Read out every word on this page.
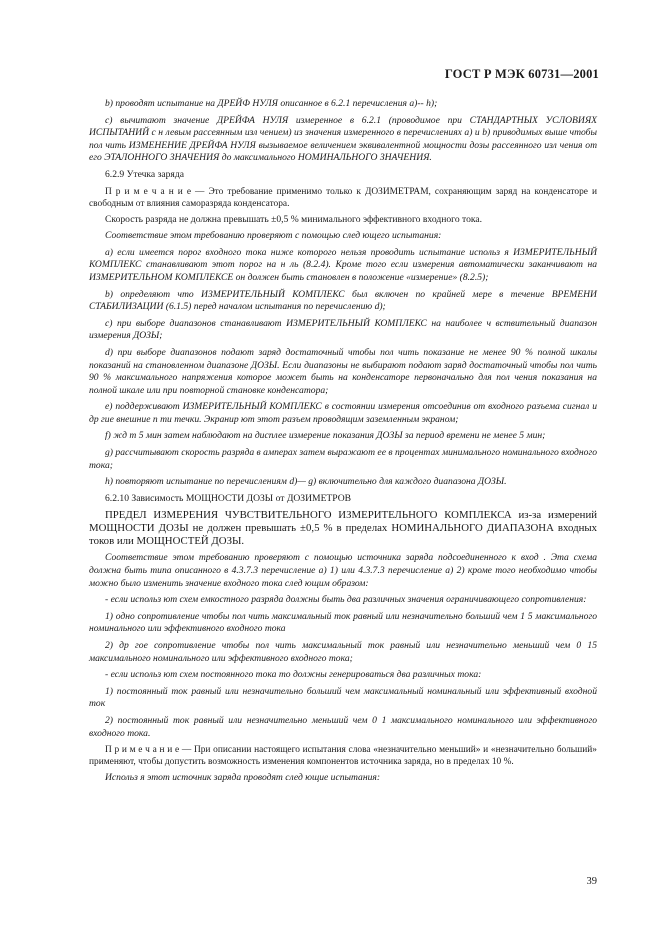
ГОСТ Р МЭК 60731—2001

b) проводят испытание на ДРЕЙФ НУЛЯ описанное в 6.2.1 перечисления а)-- h);

c) вычитают значение ДРЕЙФА НУЛЯ измеренное в 6.2.1 (проводимое при СТАНДАРТНЫХ УСЛОВИЯХ ИСПЫТАНИЙ с н левым рассеянным изл чением) из значения измеренного в перечислениях а) и b) приводимых выше чтобы пол чить ИЗМЕНЕНИЕ ДРЕЙФА НУЛЯ вызываемое величением эквивалентной мощности дозы рассеянного изл чения от его ЭТАЛОННОГО ЗНАЧЕНИЯ до максимального НОМИНАЛЬНОГО ЗНАЧЕНИЯ.

6.2.9 Утечка заряда

П р и м е ч а н и е — Это требование применимо только к ДОЗИМЕТРАМ, сохраняющим заряд на конденсаторе и свободным от влияния саморазряда конденсатора.

Скорость разряда не должна превышать ±0,5 % минимального эффективного входного тока.

Соответствие этом требованию проверяют с помощью след ющего испытания:

а) если имеется порог входного тока ниже которого нельзя проводить испытание использ я ИЗМЕРИТЕЛЬНЫЙ КОМПЛЕКС станавливают этот порог на н ль (8.2.4). Кроме того если измерения автоматически заканчивают на ИЗМЕРИТЕЛЬНОМ КОМПЛЕКСЕ он должен быть становлен в положение «измерение» (8.2.5);

b) определяют что ИЗМЕРИТЕЛЬНЫЙ КОМПЛЕКС был включен по крайней мере в течение ВРЕМЕНИ СТАБИЛИЗАЦИИ (6.1.5) перед началом испытания по перечислению d);

c) при выборе диапазонов станавливают ИЗМЕРИТЕЛЬНЫЙ КОМПЛЕКС на наиболее ч вствительный диапазон измерения ДОЗЫ;

d) при выборе диапазонов подают заряд достаточный чтобы пол чить показание не менее 90 % полной шкалы показаний на становленном диапазоне ДОЗЫ. Если диапазоны не выбирают подают заряд достаточный чтобы пол чить 90 % максимального напряжения которое может быть на конденсаторе первоначально для пол чения показания на полной шкале или при повторной становке конденсатора;

е) поддерживают ИЗМЕРИТЕЛЬНЫЙ КОМПЛЕКС в состоянии измерения отсоединив от входного разъема сигнал и др гие внешние п ти течки. Экранир ют этот разъем проводящим заземленным экраном;

f) жд т 5 мин затем наблюдают на дисплее измерение показания ДОЗЫ за период времени не менее 5 мин;

g) рассчитывают скорость разряда в амперах затем выражают ее в процентах минимального номинального входного тока;

h) повторяют испытание по перечислениям d)— g) включительно для каждого диапазона ДОЗЫ.

6.2.10 Зависимость МОЩНОСТИ ДОЗЫ от ДОЗИМЕТРОВ

ПРЕДЕЛ ИЗМЕРЕНИЯ ЧУВСТВИТЕЛЬНОГО ИЗМЕРИТЕЛЬНОГО КОМПЛЕКСА из-за измерений МОЩНОСТИ ДОЗЫ не должен превышать ±0,5 % в пределах НОМИНАЛЬНОГО ДИАПАЗОНА входных токов или МОЩНОСТЕЙ ДОЗЫ.

Соответствие этом требованию проверяют с помощью источника заряда подсоединенного к вход . Эта схема должна быть типа описанного в 4.3.7.3 перечисление а) 1) или 4.3.7.3 перечисление а) 2) кроме того необходимо чтобы можно было изменить значение входного тока след ющим образом:

- если использ ют схем емкостного разряда должны быть два различных значения ограничивающего сопротивления:

1) одно сопротивление чтобы пол чить максимальный ток равный или незначительно больший чем 1 5 максимального номинального или эффективного входного тока

2) др гое сопротивление чтобы пол чить максимальный ток равный или незначительно меньший чем 0 15 максимального номинального или эффективного входного тока;

- если использ ют схем постоянного тока то должны генерироваться два различных тока:

1) постоянный ток равный или незначительно больший чем максимальный номинальный или эффективный входной ток

2) постоянный ток равный или незначительно меньший чем 0 1 максимального номинального или эффективного входного тока.

П р и м е ч а н и е — При описании настоящего испытания слова «незначительно меньший» и «незначительно больший» применяют, чтобы допустить возможность изменения компонентов источника заряда, но в пределах 10 %.

Использ я этот источник заряда проводят след ющие испытания:

39
